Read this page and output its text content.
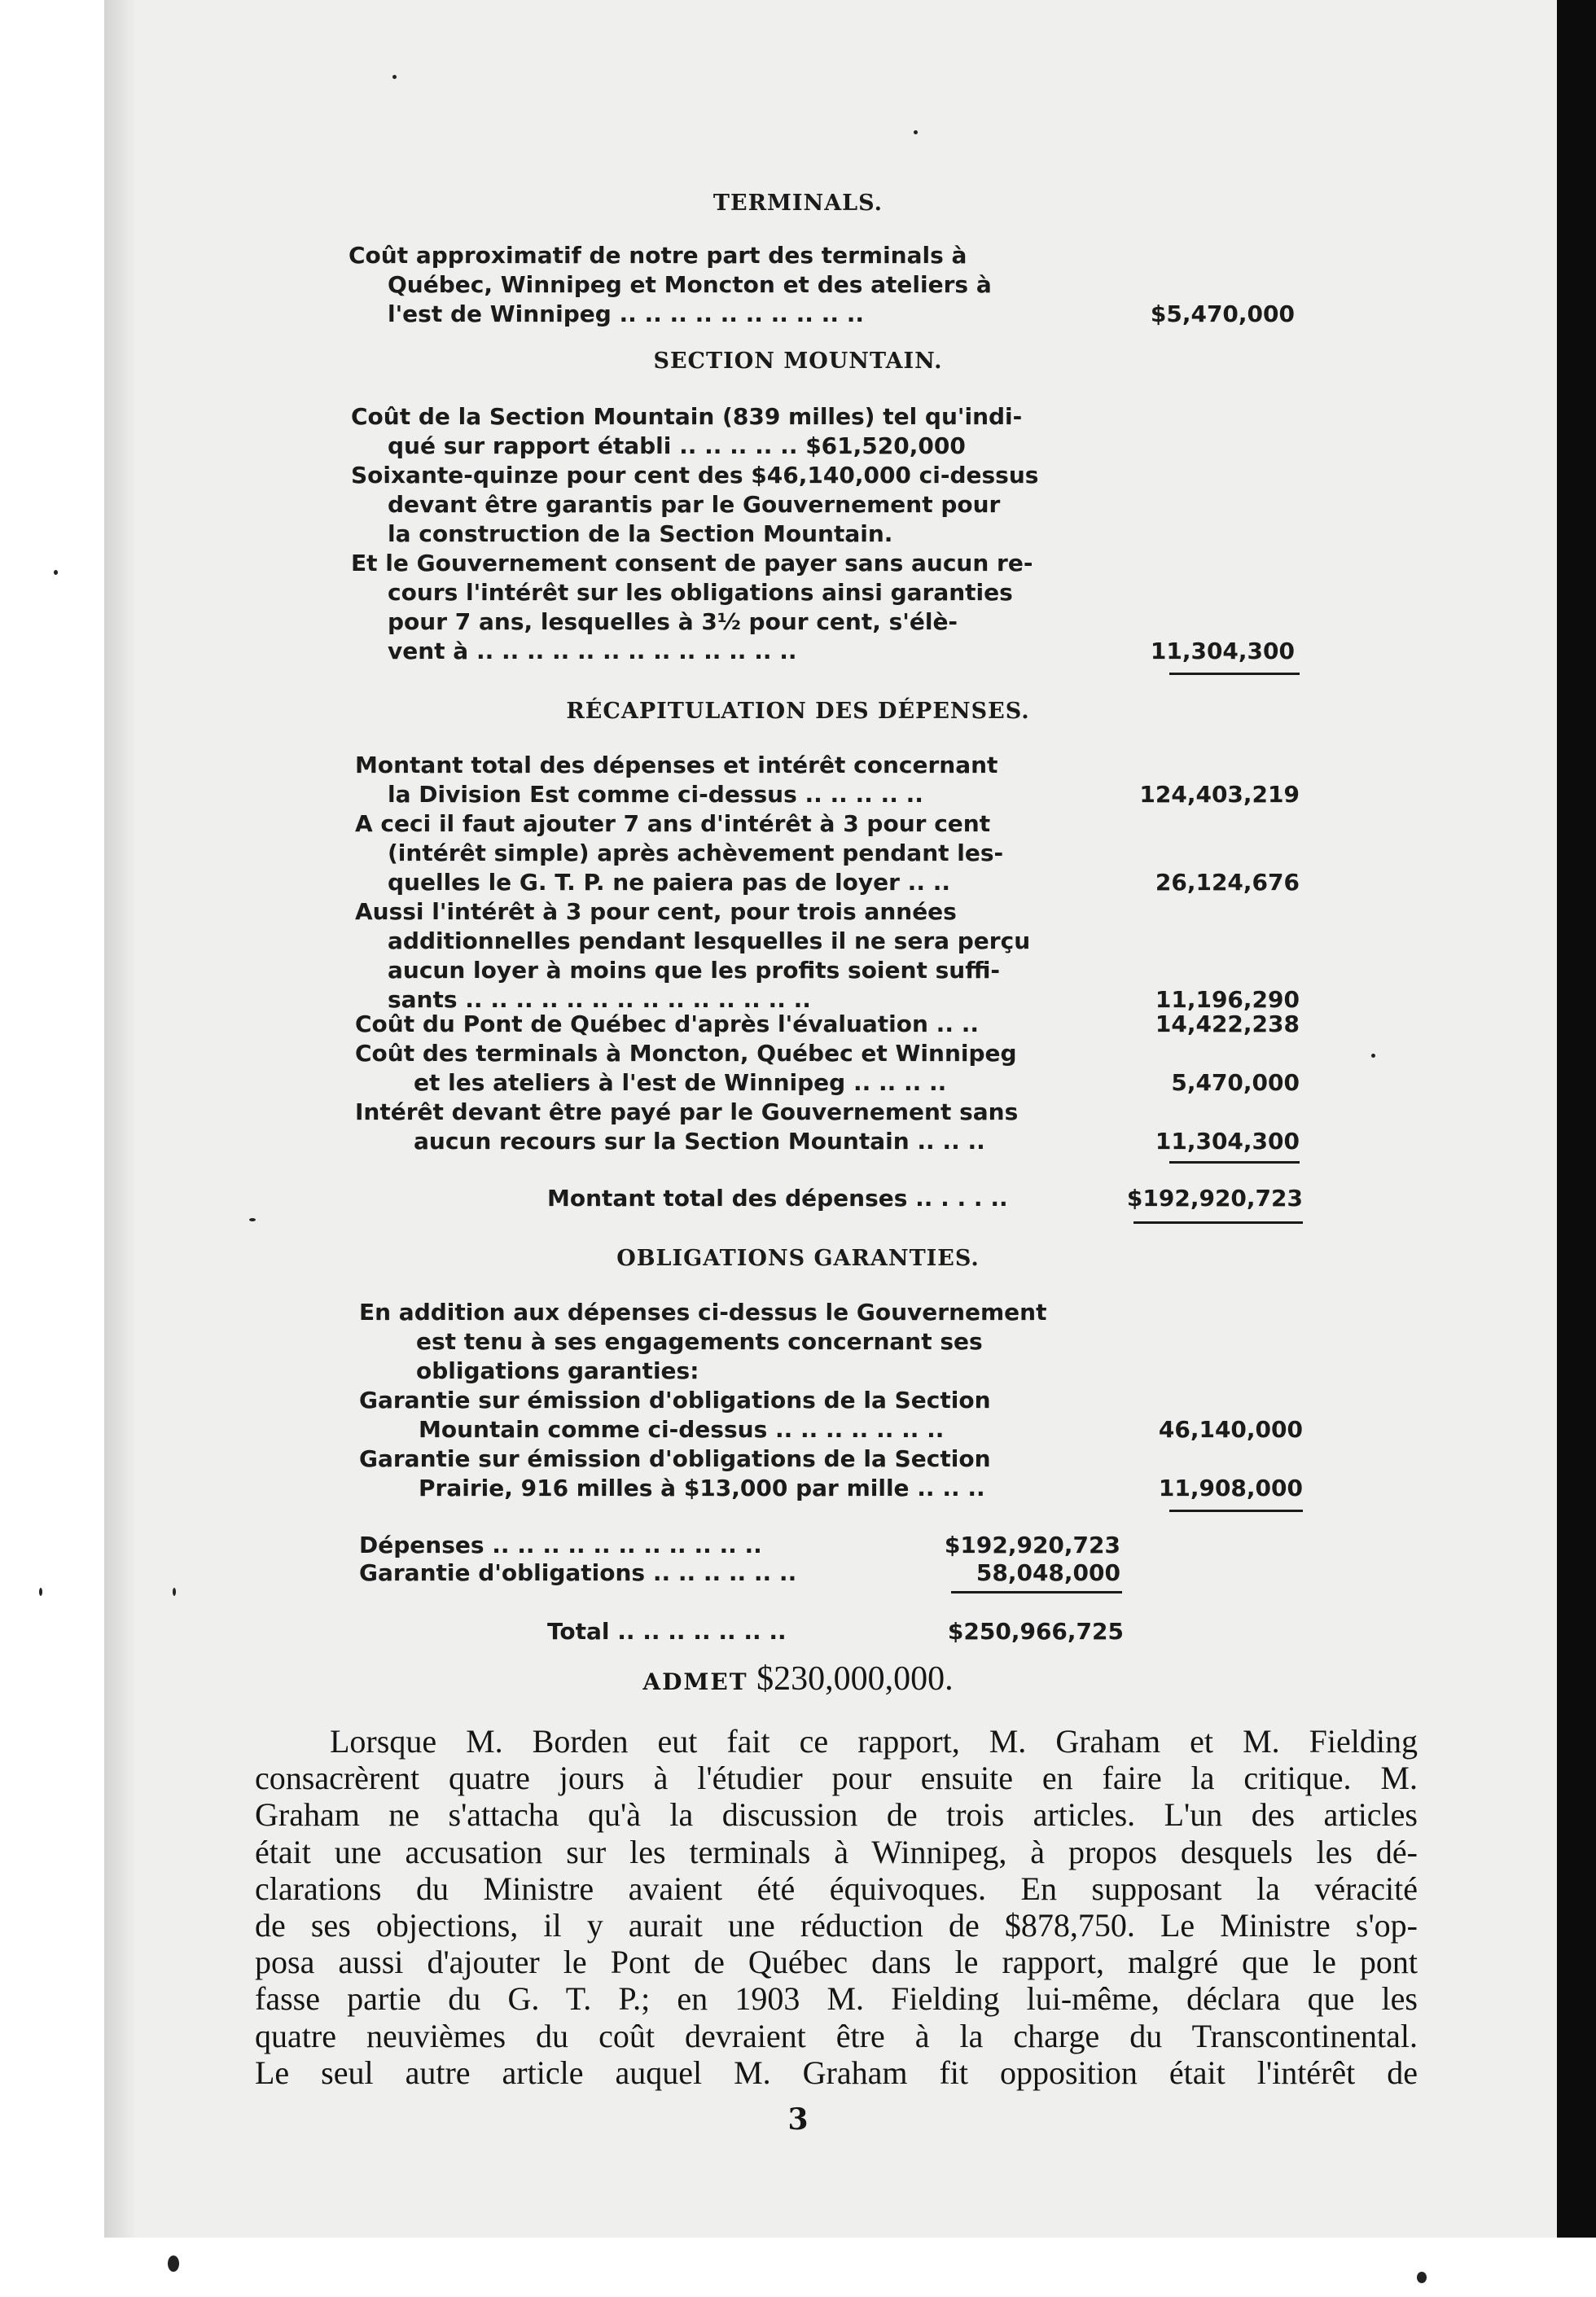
TERMINALS.
Coût approximatif de notre part des terminals à
Québec, Winnipeg et Moncton et des ateliers à
l'est de Winnipeg .. .. .. .. .. .. .. .. .. ..	$5,470,000
SECTION MOUNTAIN.
Coût de la Section Mountain (839 milles) tel qu'indi-
qué sur rapport établi .. .. .. .. .. $61,520,000
Soixante-quinze pour cent des $46,140,000 ci-dessus
devant être garantis par le Gouvernement pour
la construction de la Section Mountain.
Et le Gouvernement consent de payer sans aucun re-
cours l'intérêt sur les obligations ainsi garanties
pour 7 ans, lesquelles à 3½ pour cent, s'élè-
vent à .. .. .. .. .. .. .. .. .. .. .. .. ..	11,304,300
RÉCAPITULATION DES DÉPENSES.
Montant total des dépenses et intérêt concernant
la Division Est comme ci-dessus .. .. .. .. ..	124,403,219
A ceci il faut ajouter 7 ans d'intérêt à 3 pour cent
(intérêt simple) après achèvement pendant les-
quelles le G. T. P. ne paiera pas de loyer .. ..	26,124,676
Aussi l'intérêt à 3 pour cent, pour trois années
additionnelles pendant lesquelles il ne sera perçu
aucun loyer à moins que les profits soient suffi-
sants .. .. .. .. .. .. .. .. .. .. .. .. .. ..	11,196,290
Coût du Pont de Québec d'après l'évaluation .. ..	14,422,238
Coût des terminals à Moncton, Québec et Winnipeg
et les ateliers à l'est de Winnipeg .. .. .. ..	5,470,000
Intérêt devant être payé par le Gouvernement sans
aucun recours sur la Section Mountain .. .. ..	11,304,300
Montant total des dépenses .. . . . ..	$192,920,723
OBLIGATIONS GARANTIES.
En addition aux dépenses ci-dessus le Gouvernement
est tenu à ses engagements concernant ses
obligations garanties:
Garantie sur émission d'obligations de la Section
Mountain comme ci-dessus .. .. .. .. .. .. ..	46,140,000
Garantie sur émission d'obligations de la Section
Prairie, 916 milles à $13,000 par mille .. .. ..	11,908,000
Dépenses .. .. .. .. .. .. .. .. .. .. ..	$192,920,723
Garantie d'obligations .. .. .. .. .. ..	58,048,000
Total .. .. .. .. .. .. ..	$250,966,725
ADMET $230,000,000.
Lorsque M. Borden eut fait ce rapport, M. Graham et M. Fielding
consacrèrent quatre jours à l'étudier pour ensuite en faire la critique. M.
Graham ne s'attacha qu'à la discussion de trois articles. L'un des articles
était une accusation sur les terminals à Winnipeg, à propos desquels les dé-
clarations du Ministre avaient été équivoques. En supposant la véracité
de ses objections, il y aurait une réduction de $878,750. Le Ministre s'op-
posa aussi d'ajouter le Pont de Québec dans le rapport, malgré que le pont
fasse partie du G. T. P.; en 1903 M. Fielding lui-même, déclara que les
quatre neuvièmes du coût devraient être à la charge du Transcontinental.
Le seul autre article auquel M. Graham fit opposition était l'intérêt de
3
